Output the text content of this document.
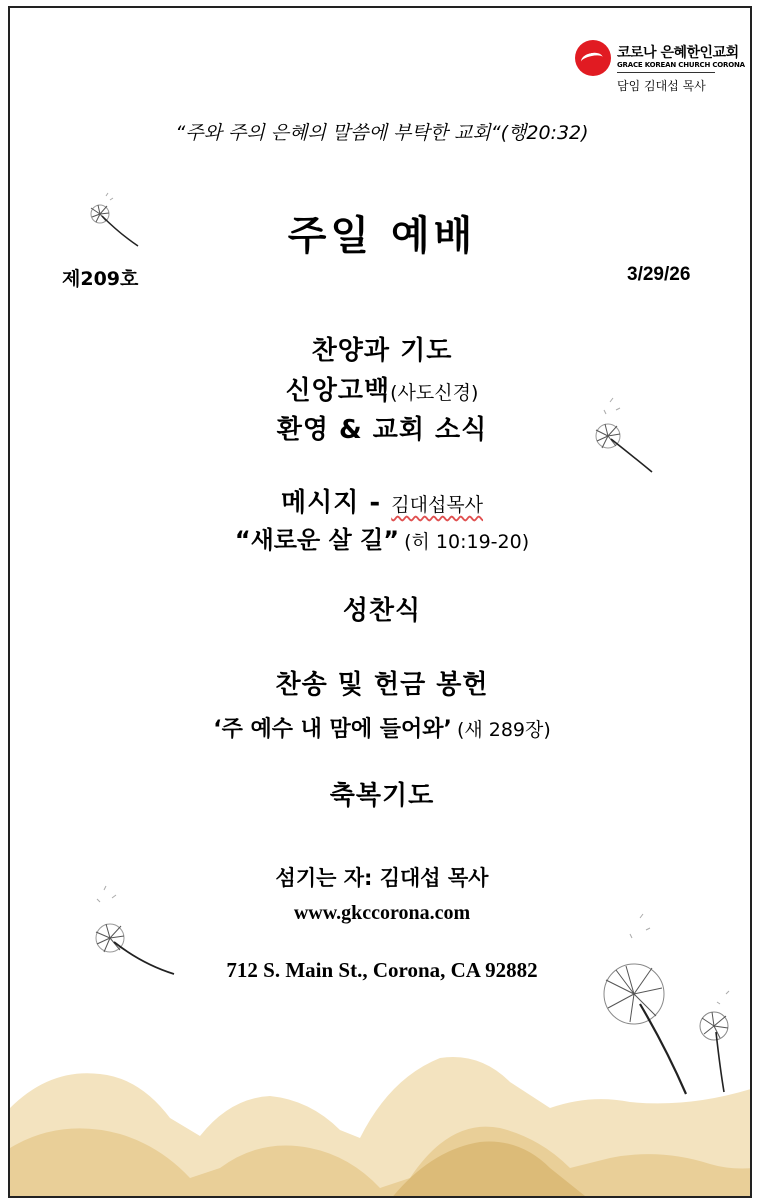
코로나 은혜한인교회
GRACE KOREAN CHURCH CORONA
담임 김대섭 목사
“주와 주의 은혜의 말씀에 부탁한 교회“(행20:32)
주일 예배
제209호	3/29/26
찬양과 기도
신앙고백(사도신경)
환영 & 교회 소식
메시지 - 김대섭목사
“새로운 살 길” (히 10:19-20)
성찬식
찬송 및 헌금 봉헌
‘주 예수 내 맘에 들어와’ (새 289장)
축복기도
섬기는 자: 김대섭 목사
www.gkccorona.com
712 S. Main St., Corona, CA 92882
